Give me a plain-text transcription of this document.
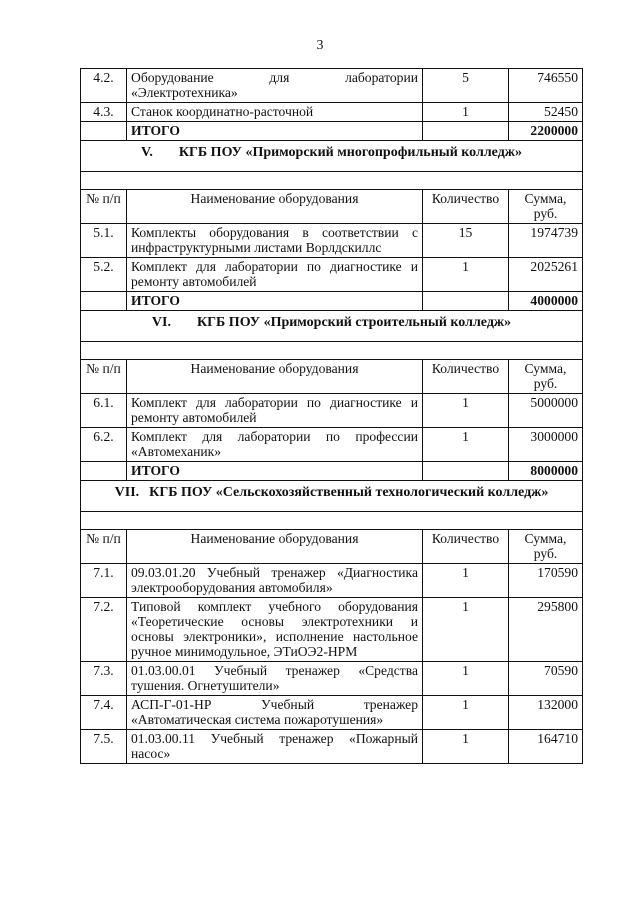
3
4.2.	Оборудование для лаборатории «Электротехника»	5	746550
4.3.	Станок координатно-расточной	1	52450
	ИТОГО		2200000
V. КГБ ПОУ «Приморский многопрофильный колледж»			

№ п/п	Наименование оборудования	Количество	Сумма, руб.
5.1.	Комплекты оборудования в соответствии с инфраструктурными листами Ворлдскиллс	15	1974739
5.2.	Комплект для лаборатории по диагностике и ремонту автомобилей	1	2025261
	ИТОГО		4000000
VI. КГБ ПОУ «Приморский строительный колледж»			

№ п/п	Наименование оборудования	Количество	Сумма, руб.
6.1.	Комплект для лаборатории по диагностике и ремонту автомобилей	1	5000000
6.2.	Комплект для лаборатории по профессии «Автомеханик»	1	3000000
	ИТОГО		8000000
VII. КГБ ПОУ «Сельскохозяйственный технологический колледж»			

№ п/п	Наименование оборудования	Количество	Сумма, руб.
7.1.	09.03.01.20 Учебный тренажер «Диагностика электрооборудования автомобиля»	1	170590
7.2.	Типовой комплект учебного оборудования «Теоретические основы электротехники и основы электроники», исполнение настольное ручное минимодульное, ЭТиОЭ2-НРМ	1	295800
7.3.	01.03.00.01 Учебный тренажер «Средства тушения. Огнетушители»	1	70590
7.4.	АСП-Г-01-НР Учебный тренажер «Автоматическая система пожаротушения»	1	132000
7.5.	01.03.00.11 Учебный тренажер «Пожарный насос»	1	164710
